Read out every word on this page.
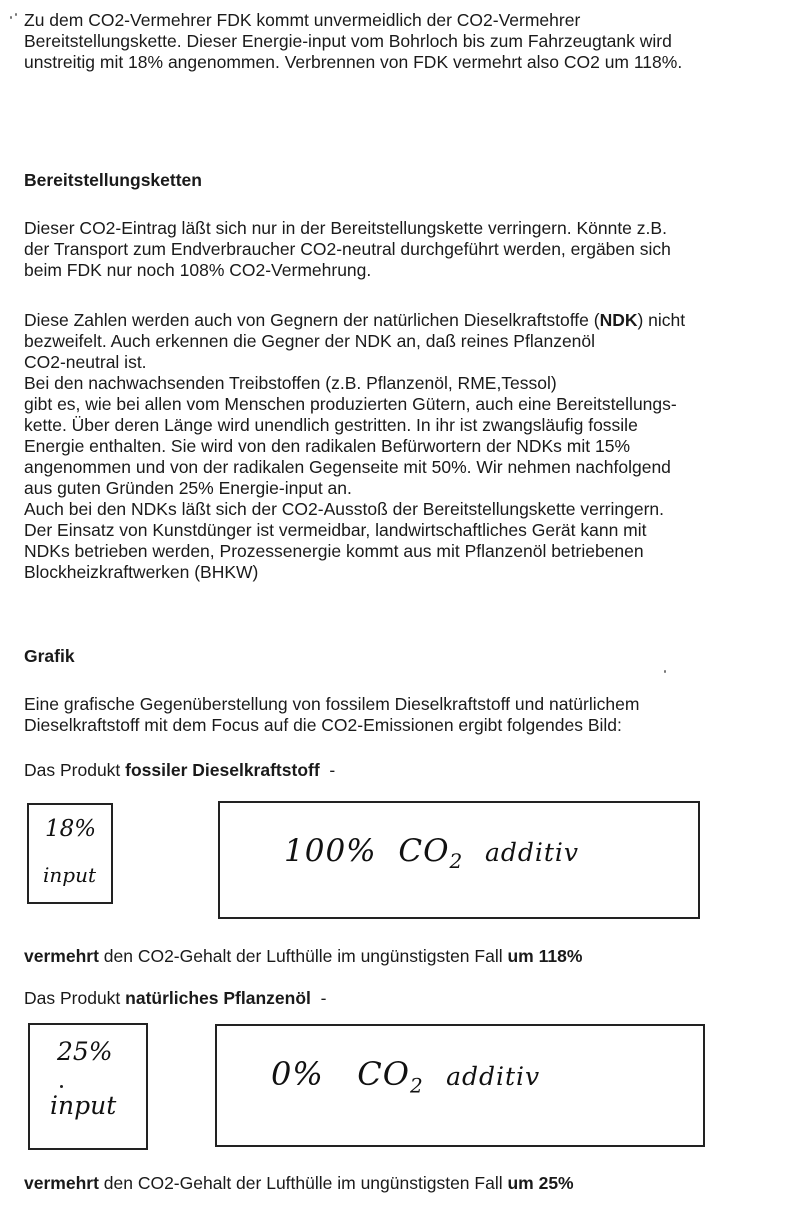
Zu dem CO2-Vermehrer FDK kommt unvermeidlich der CO2-Vermehrer
Bereitstellungskette. Dieser Energie-input vom Bohrloch bis zum Fahrzeugtank wird
unstreitig mit 18% angenommen. Verbrennen von FDK vermehrt also CO2 um 118%.
Bereitstellungsketten
Dieser CO2-Eintrag läßt sich nur in der Bereitstellungskette verringern. Könnte z.B.
der Transport zum Endverbraucher CO2-neutral durchgeführt werden, ergäben sich
beim FDK nur noch 108% CO2-Vermehrung.
Diese Zahlen werden auch von Gegnern der natürlichen Dieselkraftstoffe (NDK) nicht
bezweifelt. Auch erkennen die Gegner der NDK an, daß reines Pflanzenöl
CO2-neutral ist.
Bei den nachwachsenden Treibstoffen (z.B. Pflanzenöl, RME,Tessol)
gibt es, wie bei allen vom Menschen produzierten Gütern, auch eine Bereitstellungs-
kette. Über deren Länge wird unendlich gestritten. In ihr ist zwangsläufig fossile
Energie enthalten. Sie wird von den radikalen Befürwortern der NDKs mit 15%
angenommen und von der radikalen Gegenseite mit 50%. Wir nehmen nachfolgend
aus guten Gründen 25% Energie-input an.
Auch bei den NDKs läßt sich der CO2-Ausstoß der Bereitstellungskette verringern.
Der Einsatz von Kunstdünger ist vermeidbar, landwirtschaftliches Gerät kann mit
NDKs betrieben werden, Prozessenergie kommt aus mit Pflanzenöl betriebenen
Blockheizkraftwerken (BHKW)
Grafik
Eine grafische Gegenüberstellung von fossilem Dieselkraftstoff und natürlichem
Dieselkraftstoff mit dem Focus auf die CO2-Emissionen ergibt folgendes Bild:
Das Produkt fossiler Dieselkraftstoff  -
18%
input
100% $CO_2$ additiv
vermehrt den CO2-Gehalt der Lufthülle im ungünstigsten Fall um 118%
Das Produkt natürliches Pflanzenöl  -
25%
input
0% $CO_2$ additiv
vermehrt den CO2-Gehalt der Lufthülle im ungünstigsten Fall um 25%
